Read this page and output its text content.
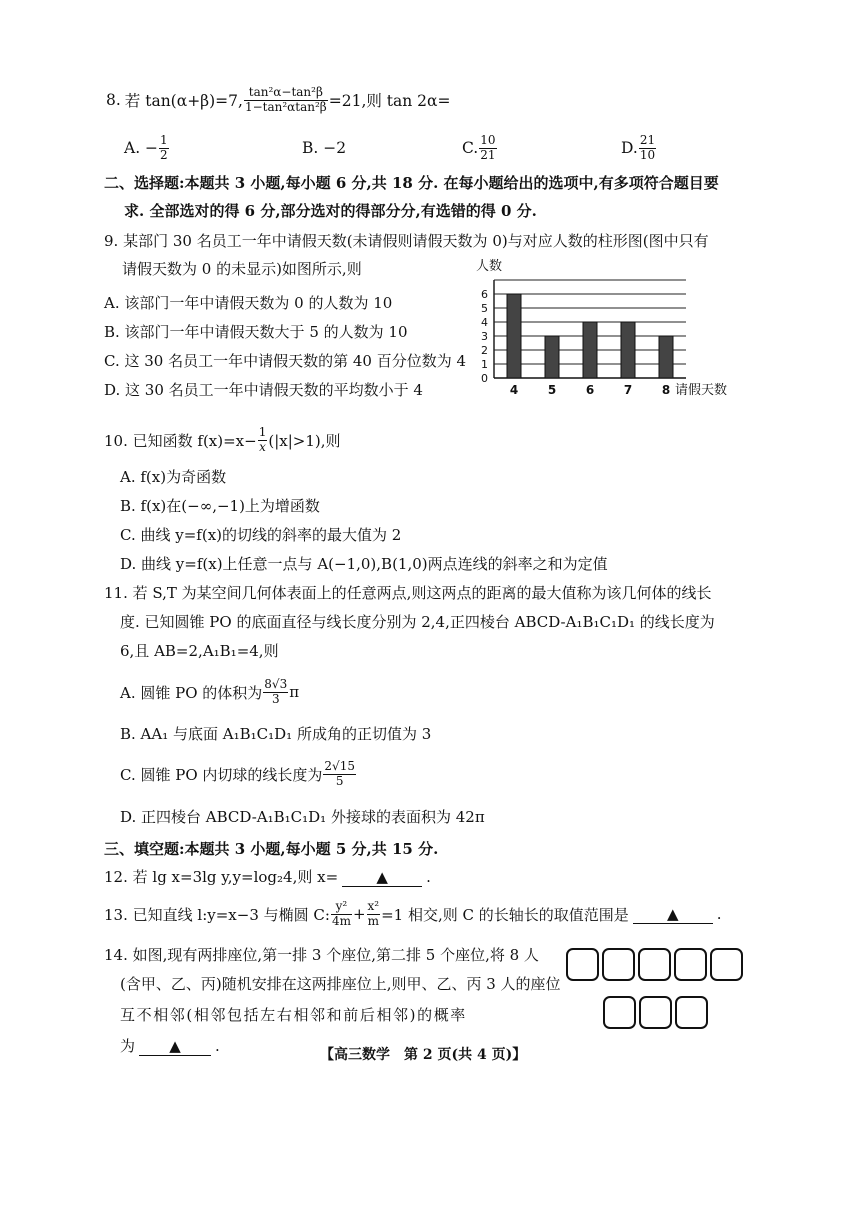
8. 若 tan(α+β)=7, $\frac{\text{tan²α−tan²β}}{\text{1−tan²αtan²β}} =21$,则 tan 2α=
A. − $\frac{1}{2}$	B. −2	C. $\frac{10}{21}$	D. $\frac{21}{10}$
二、选择题:本题共 3 小题,每小题 6 分,共 18 分. 在每小题给出的选项中,有多项符合题目要
求. 全部选对的得 6 分,部分选对的得部分分,有选错的得 0 分.
9. 某部门 30 名员工一年中请假天数(未请假则请假天数为 0)与对应人数的柱形图(图中只有
请假天数为 0 的未显示)如图所示,则
A. 该部门一年中请假天数为 0 的人数为 10
B. 该部门一年中请假天数大于 5 的人数为 10
C. 这 30 名员工一年中请假天数的第 40 百分位数为 4
D. 这 30 名员工一年中请假天数的平均数小于 4
人数
0
1
2
3
4
5
6
4 5 6 7 8 请假天数
10. 已知函数 $f(x)=x- \frac{1}{x} (|x|>1)$,则
A. f(x)为奇函数
B. f(x)在(−∞,−1)上为增函数
C. 曲线 y=f(x)的切线的斜率的最大值为 2
D. 曲线 y=f(x)上任意一点与 A(−1,0),B(1,0)两点连线的斜率之和为定值
11. 若 S,T 为某空间几何体表面上的任意两点,则这两点的距离的最大值称为该几何体的线长
度. 已知圆锥 PO 的底面直径与线长度分别为 2,4,正四棱台 ABCD-A₁B₁C₁D₁ 的线长度为
6,且 AB=2,A₁B₁=4,则
A. 圆锥 PO 的体积为 $\frac{8√3}{3}$ π
B. AA₁ 与底面 A₁B₁C₁D₁ 所成角的正切值为 3
C. 圆锥 PO 内切球的线长度为 $\frac{2√15}{5}$
D. 正四棱台 ABCD-A₁B₁C₁D₁ 外接球的表面积为 42π
三、填空题:本题共 3 小题,每小题 5 分,共 15 分.
12. 若 lg x=3lg y,y=log₂4,则 x=	▲	.
13. 已知直线 l:y=x−3 与椭圆 C: $\frac{\text{y²}}{4m} + \frac{\text{x²}}{m} =1$ 相交,则 C 的长轴长的取值范围是	▲	.
14. 如图,现有两排座位,第一排 3 个座位,第二排 5 个座位,将 8 人
(含甲、乙、丙)随机安排在这两排座位上,则甲、乙、丙 3 人的座位
互不相邻(相邻包括左右相邻和前后相邻)的概率
为 ▲ .	【高三数学　第 2 页(共 4 页)】
